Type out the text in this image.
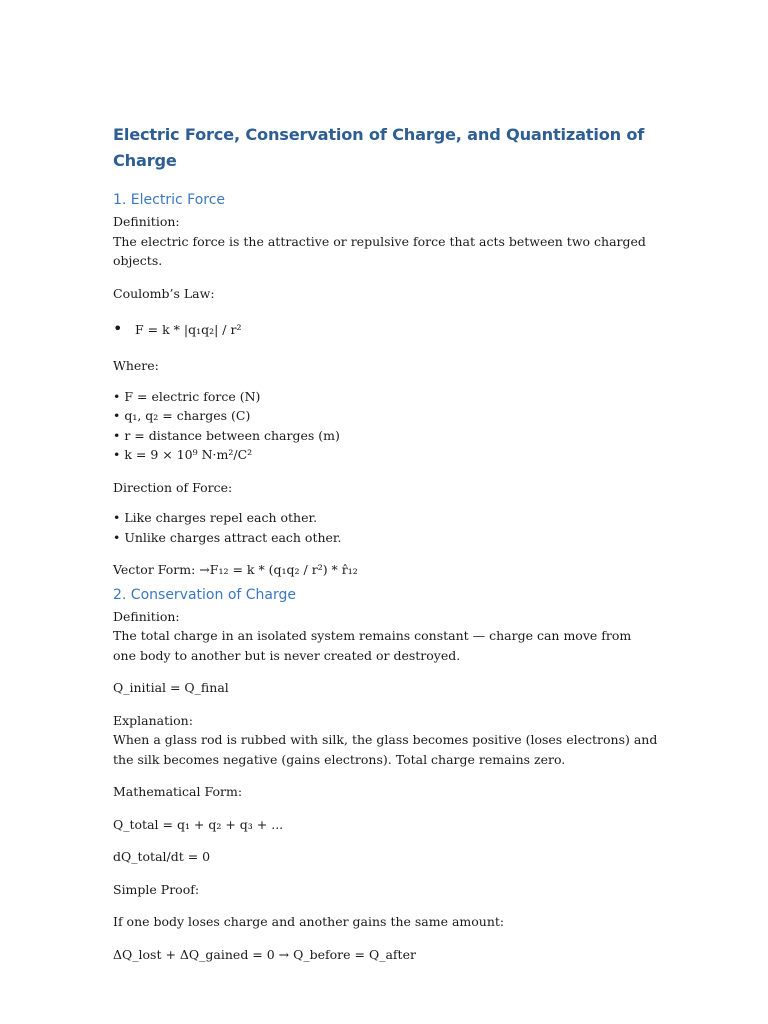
Electric Force, Conservation of Charge, and Quantization of Charge
1. Electric Force

Definition:

The electric force is the attractive or repulsive force that acts between two charged objects.

Coulomb’s Law:

•	F = k * |q₁q₂| / r²

Where:

• F = electric force (N)

• q₁, q₂ = charges (C)

• r = distance between charges (m)

• k = 9 × 10⁹ N·m²/C²

Direction of Force:

• Like charges repel each other.

• Unlike charges attract each other.

Vector Form: →F₁₂ = k * (q₁q₂ / r²) * r̂₁₂

2. Conservation of Charge

Definition:

The total charge in an isolated system remains constant — charge can move from one body to another but is never created or destroyed.

Q_initial = Q_final

Explanation:

When a glass rod is rubbed with silk, the glass becomes positive (loses electrons) and the silk becomes negative (gains electrons). Total charge remains zero.

Mathematical Form:

Q_total = q₁ + q₂ + q₃ + ...

dQ_total/dt = 0

Simple Proof:

If one body loses charge and another gains the same amount:

ΔQ_lost + ΔQ_gained = 0 → Q_before = Q_after
